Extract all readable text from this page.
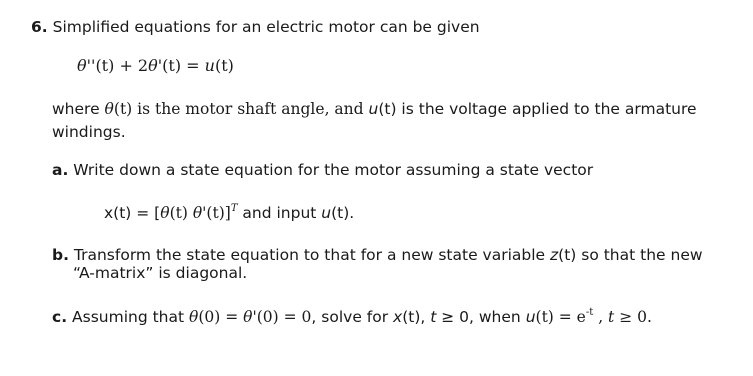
6. Simplified equations for an electric motor can be given
θ''(t) + 2θ'(t) = u(t)
where θ(t) is the motor shaft angle, and u(t) is the voltage applied to the armature
windings.
a. Write down a state equation for the motor assuming a state vector
x(t) = [θ(t) θ'(t)]$^T$ and input u(t).
b. Transform the state equation to that for a new state variable z(t) so that the new
“A-matrix” is diagonal.
c. Assuming that θ(0) = θ'(0) = 0, solve for x(t), t ≥ 0, when $u(t) = e^{-t}$ , t ≥ 0.
